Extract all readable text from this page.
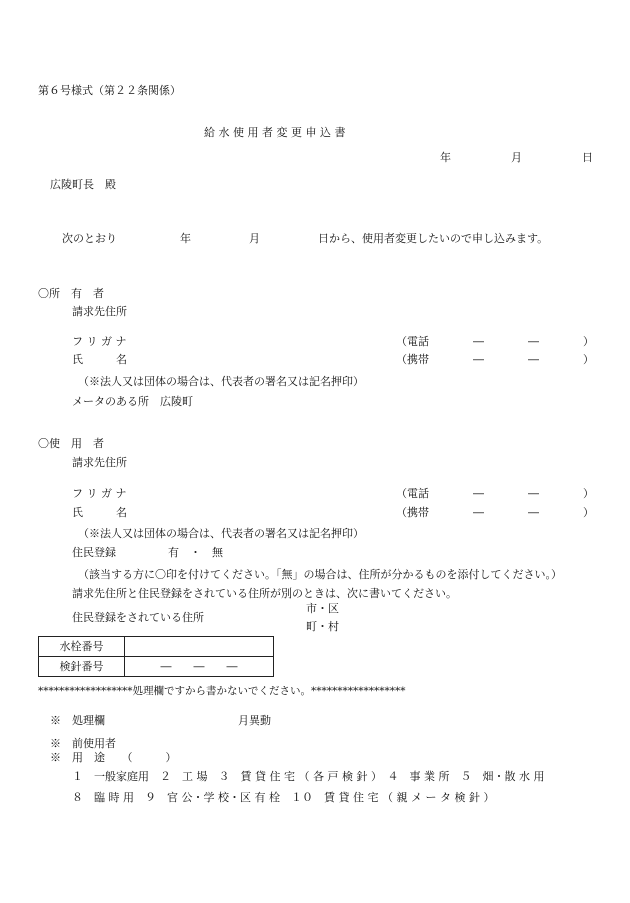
第６号様式（第２２条関係）
給 水 使 用 者 変 更 申 込 書
年	月	日
広陵町長　殿
次のとおり	年	月	日から、使用者変更したいので申し込みます。
〇所　有　者
請求先住所
フ リ ガ ナ	（電話　　　　―　　　　―　　　　）
氏　　　名	（携帯　　　　―　　　　―　　　　）
（※法人又は団体の場合は、代表者の署名又は記名押印）
メータのある所　広陵町
〇使　用　者
請求先住所
フ リ ガ ナ	（電話　　　　―　　　　―　　　　）
氏　　　名	（携帯　　　　―　　　　―　　　　）
（※法人又は団体の場合は、代表者の署名又は記名押印）
住民登録	有　・　無
（該当する方に〇印を付けてください。「無」の場合は、住所が分かるものを添付してください。）
請求先住所と住民登録をされている住所が別のときは、次に書いてください。
市・区
住民登録をされている住所
町・村
水栓番号	
検針番号	―　　―　　―
******************処理欄ですから書かないでください。******************
※　処理欄	月異動
※　前使用者
※　用　途　　（　　　）
１　一般家庭用　２　工 場　３　賃 貸 住 宅 （ 各 戸 検 針 ）　４　事 業 所　５　畑・散 水 用
８　臨 時 用　９　官 公・学 校・区 有 栓　１０　賃 貸 住 宅 （ 親 メ ー タ 検 針 ）
